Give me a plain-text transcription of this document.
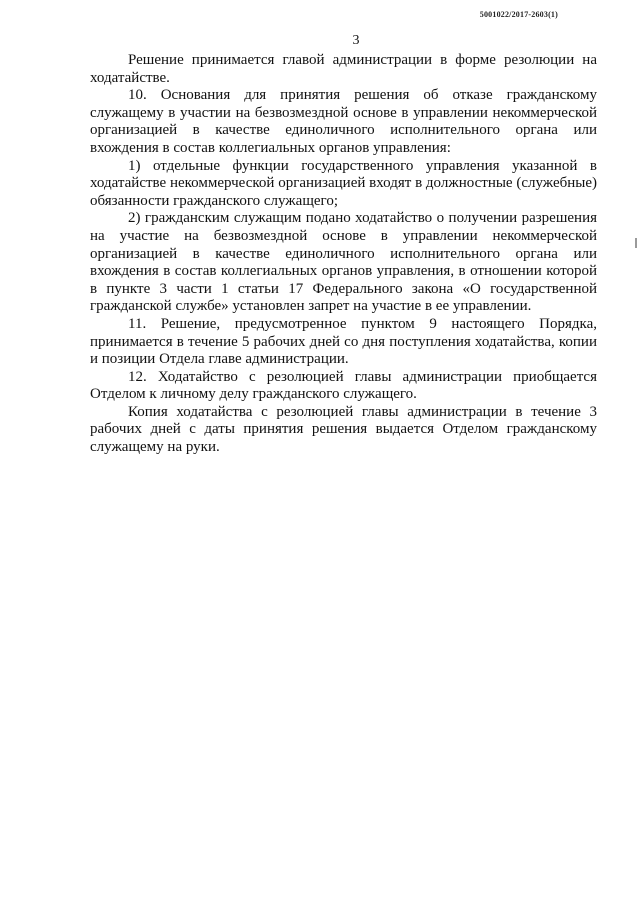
5001022/2017-2603(1)
3

Решение принимается главой администрации в форме резолюции на ходатайстве.

10. Основания для принятия решения об отказе гражданскому служащему в участии на безвозмездной основе в управлении некоммерческой организацией в качестве единоличного исполнительного органа или вхождения в состав коллегиальных органов управления:

1) отдельные функции государственного управления указанной в ходатайстве некоммерческой организацией входят в должностные (служебные) обязанности гражданского служащего;

2) гражданским служащим подано ходатайство о получении разрешения на участие на безвозмездной основе в управлении некоммерческой организацией в качестве единоличного исполнительного органа или вхождения в состав коллегиальных органов управления, в отношении которой в пункте 3 части 1 статьи 17 Федерального закона «О государственной гражданской службе» установлен запрет на участие в ее управлении.

11. Решение, предусмотренное пунктом 9 настоящего Порядка, принимается в течение 5 рабочих дней со дня поступления ходатайства, копии и позиции Отдела главе администрации.

12. Ходатайство с резолюцией главы администрации приобщается Отделом к личному делу гражданского служащего.

Копия ходатайства с резолюцией главы администрации в течение 3 рабочих дней с даты принятия решения выдается Отделом гражданскому служащему на руки.
